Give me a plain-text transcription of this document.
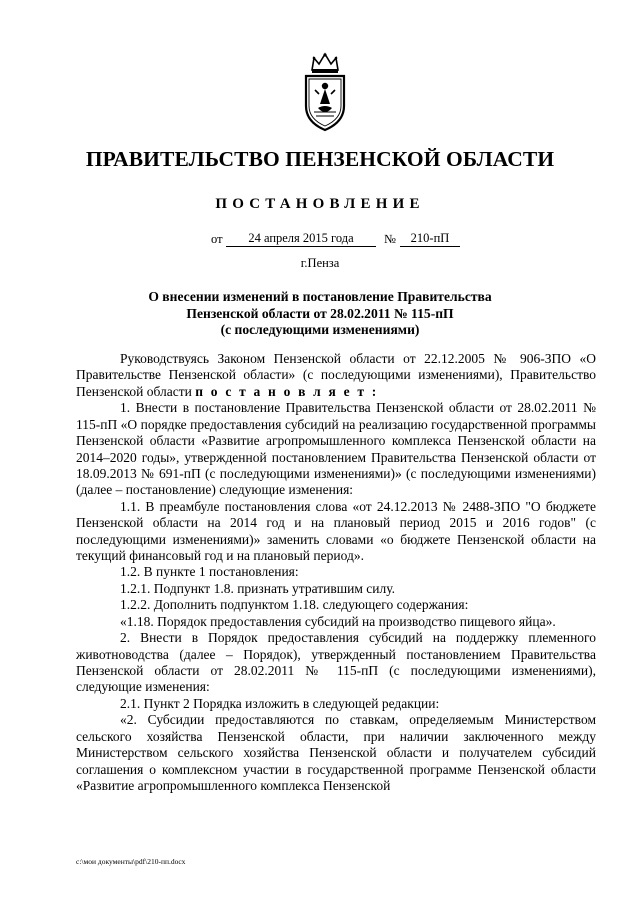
ПРАВИТЕЛЬСТВО ПЕНЗЕНСКОЙ ОБЛАСТИ
ПОСТАНОВЛЕНИЕ
от	24 апреля 2015 года	№	210-пП
г.Пенза
О внесении изменений в постановление Правительства
Пензенской области от 28.02.2011 № 115-пП
(с последующими изменениями)

Руководствуясь Законом Пензенской области от 22.12.2005 № 906-ЗПО «О Правительстве Пензенской области» (с последующими изменениями), Правительство Пензенской области п о с т а н о в л я е т :

1. Внести в постановление Правительства Пензенской области от 28.02.2011 № 115-пП «О порядке предоставления субсидий на реализацию государственной программы Пензенской области «Развитие агропромышленного комплекса Пензенской области на 2014–2020 годы», утвержденной постановлением Правительства Пензенской области от 18.09.2013 № 691-пП (с последующими изменениями)» (с последующими изменениями) (далее – постановление) следующие изменения:

1.1. В преамбуле постановления слова «от 24.12.2013 № 2488-ЗПО "О бюджете Пензенской области на 2014 год и на плановый период 2015 и 2016 годов" (с последующими изменениями)» заменить словами «о бюджете Пензенской области на текущий финансовый год и на плановый период».

1.2. В пункте 1 постановления:

1.2.1. Подпункт 1.8. признать утратившим силу.

1.2.2. Дополнить подпунктом 1.18. следующего содержания:

«1.18. Порядок предоставления субсидий на производство пищевого яйца».

2. Внести в Порядок предоставления субсидий на поддержку племенного животноводства (далее – Порядок), утвержденный постановлением Правительства Пензенской области от 28.02.2011 № 115-пП (с последующими изменениями), следующие изменения:

2.1. Пункт 2 Порядка изложить в следующей редакции:

«2. Субсидии предоставляются по ставкам, определяемым Министерством сельского хозяйства Пензенской области, при наличии заключенного между Министерством сельского хозяйства Пензенской области и получателем субсидий соглашения о комплексном участии в государственной программе Пензенской области «Развитие агропромышленного комплекса Пензенской

c:\мои документы\pdf\210-пп.docx
